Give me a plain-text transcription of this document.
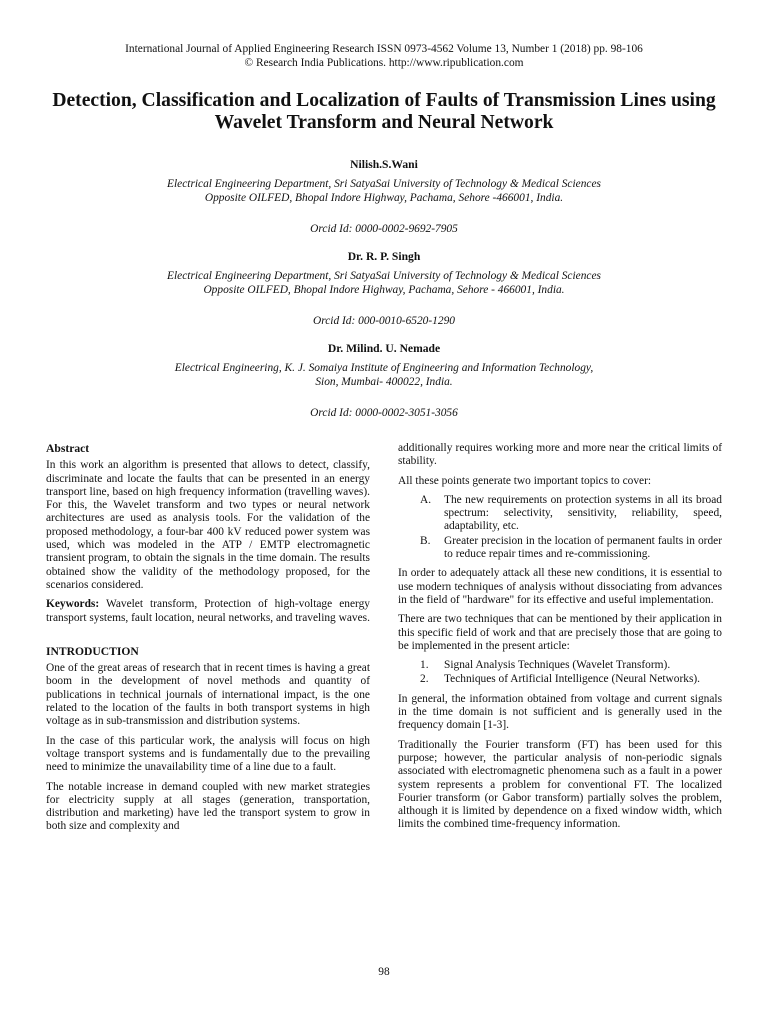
International Journal of Applied Engineering Research ISSN 0973-4562 Volume 13, Number 1 (2018) pp. 98-106
© Research India Publications. http://www.ripublication.com
Detection, Classification and Localization of Faults of Transmission Lines using Wavelet Transform and Neural Network
Nilish.S.Wani
Electrical Engineering Department, Sri SatyaSai University of Technology & Medical Sciences
Opposite OILFED, Bhopal Indore Highway, Pachama, Sehore -466001, India.
Orcid Id: 0000-0002-9692-7905
Dr. R. P. Singh
Electrical Engineering Department, Sri SatyaSai University of Technology & Medical Sciences
Opposite OILFED, Bhopal Indore Highway, Pachama, Sehore - 466001, India.
Orcid Id: 000-0010-6520-1290
Dr. Milind. U. Nemade
Electrical Engineering, K. J. Somaiya Institute of Engineering and Information Technology,
Sion, Mumbai- 400022, India.
Orcid Id: 0000-0002-3051-3056
Abstract

In this work an algorithm is presented that allows to detect, classify, discriminate and locate the faults that can be presented in an energy transport line, based on high frequency information (travelling waves). For this, the Wavelet transform and two types or neural network architectures are used as analysis tools. For the validation of the proposed methodology, a four-bar 400 kV reduced power system was used, which was modeled in the ATP / EMTP electromagnetic transient program, to obtain the signals in the time domain. The results obtained show the validity of the methodology proposed, for the scenarios considered.

Keywords: Wavelet transform, Protection of high-voltage energy transport systems, fault location, neural networks, and traveling waves.

INTRODUCTION

One of the great areas of research that in recent times is having a great boom in the development of novel methods and quantity of publications in technical journals of international impact, is the one related to the location of the faults in both transport systems in high voltage as in sub-transmission and distribution systems.

In the case of this particular work, the analysis will focus on high voltage transport systems and is fundamentally due to the prevailing need to minimize the unavailability time of a line due to a fault.

The notable increase in demand coupled with new market strategies for electricity supply at all stages (generation, transportation, distribution and marketing) have led the transport system to grow in both size and complexity and

additionally requires working more and more near the critical limits of stability.

All these points generate two important topics to cover:

A.	The new requirements on protection systems in all its broad spectrum: selectivity, sensitivity, reliability, speed, adaptability, etc.
B.	Greater precision in the location of permanent faults in order to reduce repair times and re-commissioning.

In order to adequately attack all these new conditions, it is essential to use modern techniques of analysis without dissociating from advances in the field of "hardware" for its effective and useful implementation.

There are two techniques that can be mentioned by their application in this specific field of work and that are precisely those that are going to be implemented in the present article:

1.	Signal Analysis Techniques (Wavelet Transform).
2.	Techniques of Artificial Intelligence (Neural Networks).

In general, the information obtained from voltage and current signals in the time domain is not sufficient and is generally used in the frequency domain [1-3].

Traditionally the Fourier transform (FT) has been used for this purpose; however, the particular analysis of non-periodic signals associated with electromagnetic phenomena such as a fault in a power system represents a problem for conventional FT. The localized Fourier transform (or Gabor transform) partially solves the problem, although it is limited by dependence on a fixed window width, which limits the combined time-frequency information.

98
